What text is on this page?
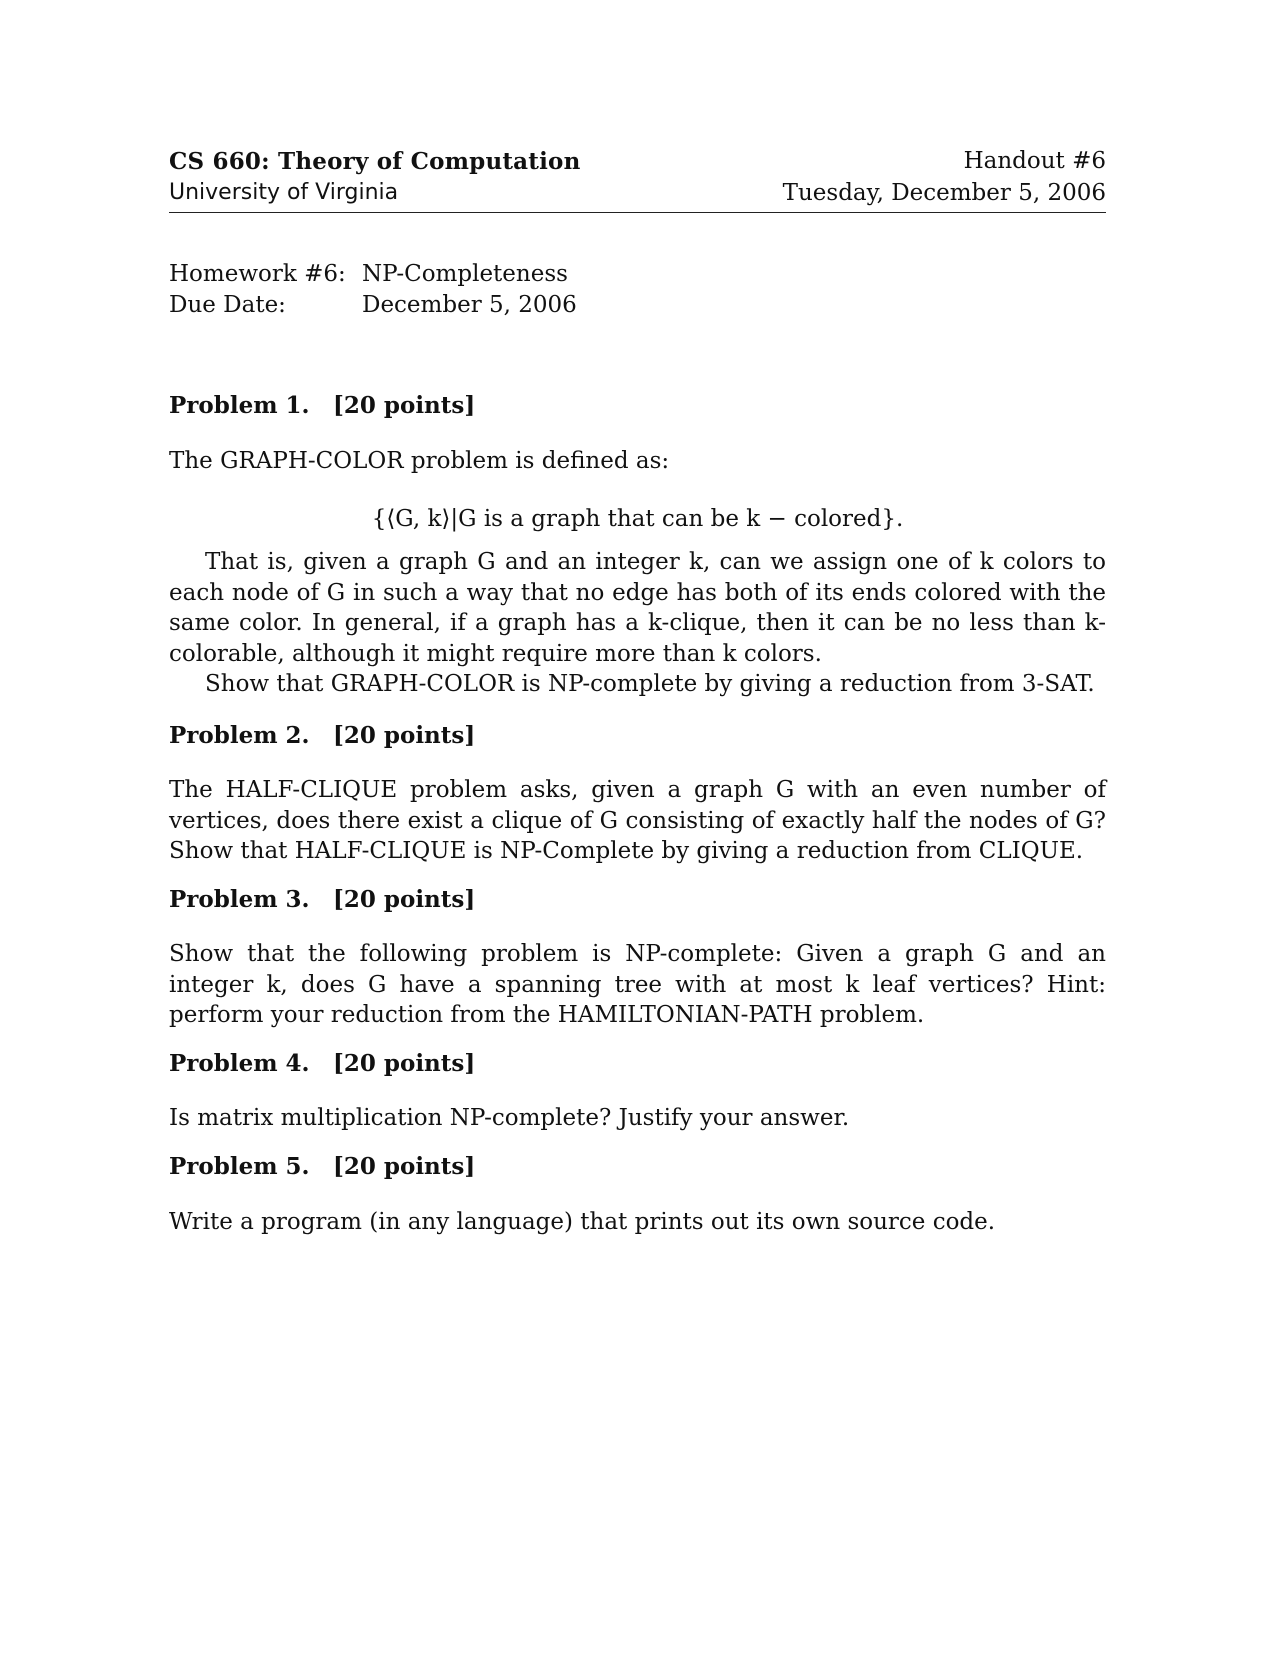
CS 660: Theory of Computation
University of Virginia
Handout #6
Tuesday, December 5, 2006
Homework #6: NP-Completeness
Due Date:	December 5, 2006
Problem 1. [20 points]
The GRAPH-COLOR problem is defined as:
{⟨G, k⟩|G is a graph that can be k − colored}.
That is, given a graph G and an integer k, can we assign one of k colors to each node of G in such a way that no edge has both of its ends colored with the same color. In general, if a graph has a k-clique, then it can be no less than k-colorable, although it might require more than k colors.
Show that GRAPH-COLOR is NP-complete by giving a reduction from 3-SAT.
Problem 2. [20 points]
The HALF-CLIQUE problem asks, given a graph G with an even number of vertices, does there exist a clique of G consisting of exactly half the nodes of G? Show that HALF-CLIQUE is NP-Complete by giving a reduction from CLIQUE.
Problem 3. [20 points]
Show that the following problem is NP-complete: Given a graph G and an integer k, does G have a spanning tree with at most k leaf vertices? Hint: perform your reduction from the HAMILTONIAN-PATH problem.
Problem 4. [20 points]
Is matrix multiplication NP-complete? Justify your answer.
Problem 5. [20 points]
Write a program (in any language) that prints out its own source code.
